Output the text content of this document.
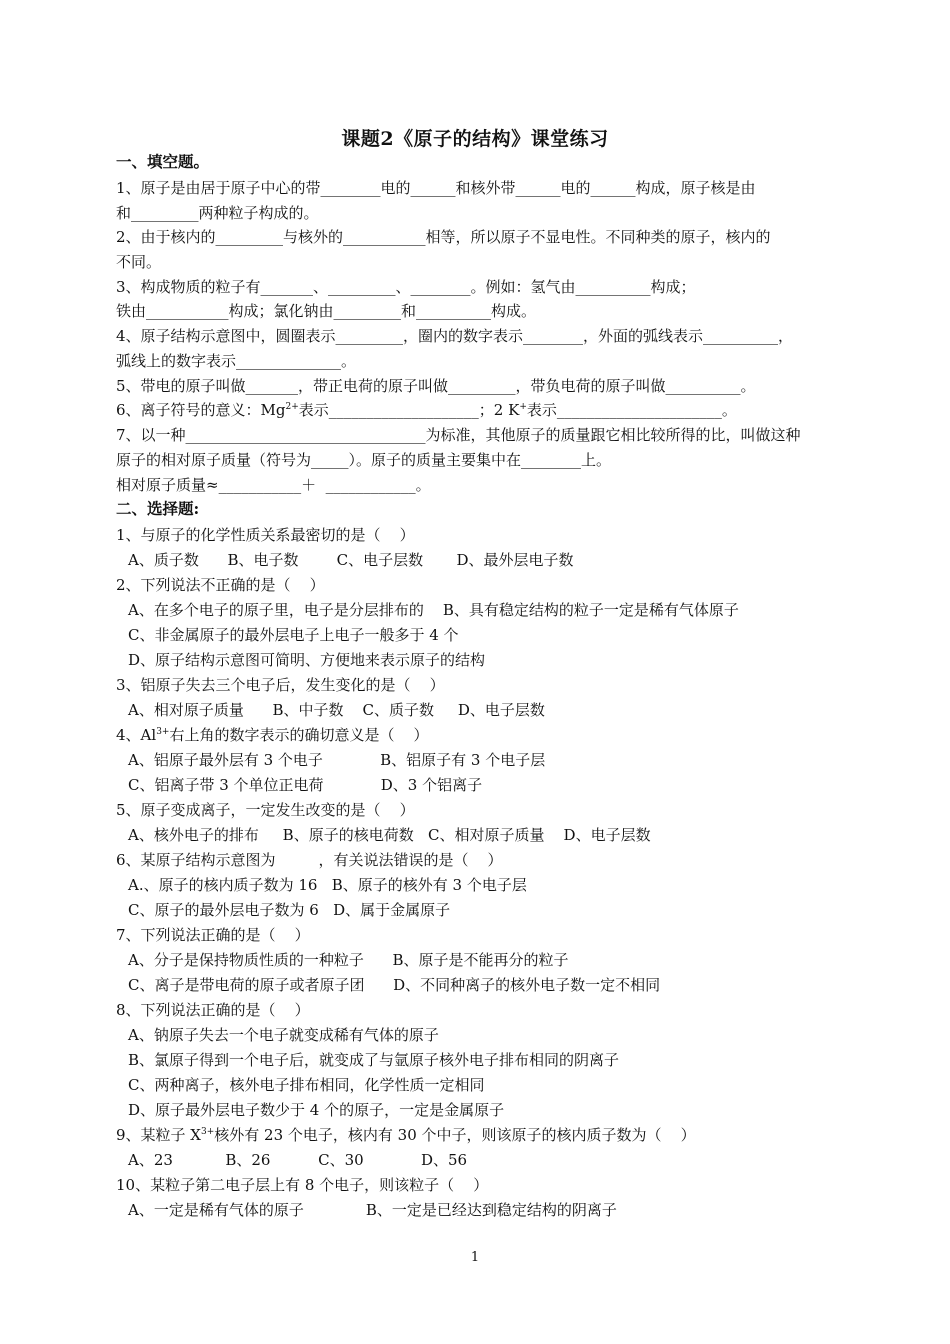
课题2《原子的结构》课堂练习
一、填空题。
1、原子是由居于原子中心的带________电的______和核外带______电的______构成，原子核是由
和_________两种粒子构成的。
2、由于核内的_________与核外的___________相等，所以原子不显电性。不同种类的原子，核内的
不同。
3、构成物质的粒子有_______、_________、________。例如：氢气由__________构成；
铁由___________构成；氯化钠由_________和__________构成。
4、原子结构示意图中，圆圈表示_________，圈内的数字表示________，外面的弧线表示__________，
弧线上的数字表示______________。
5、带电的原子叫做_______，带正电荷的原子叫做_________，带负电荷的原子叫做__________。
6、离子符号的意义：$Mg^{2+}$表示____________________；2 K+表示______________________。
7、以一种________________________________为标准，其他原子的质量跟它相比较所得的比，叫做这种
原子的相对原子质量（符号为_____）。原子的质量主要集中在________上。
相对原子质量≈___________＋  ____________。
二、选择题:
1、与原子的化学性质关系最密切的是（    ）
A、质子数      B、电子数        C、电子层数       D、最外层电子数
2、下列说法不正确的是（    ）
A、在多个电子的原子里，电子是分层排布的    B、具有稳定结构的粒子一定是稀有气体原子
C、非金属原子的最外层电子上电子一般多于 4 个
D、原子结构示意图可简明、方便地来表示原子的结构
3、铝原子失去三个电子后，发生变化的是（    ）
A、相对原子质量      B、中子数    C、质子数     D、电子层数
4、$Al^{3+}$右上角的数字表示的确切意义是（    ）
A、铝原子最外层有 3 个电子            B、铝原子有 3 个电子层
C、铝离子带 3 个单位正电荷            D、3 个铝离子
5、原子变成离子，一定发生改变的是（    ）
A、核外电子的排布     B、原子的核电荷数   C、相对原子质量    D、电子层数
6、某原子结构示意图为         ，有关说法错误的是（    ）
A.、原子的核内质子数为 16   B、原子的核外有 3 个电子层
C、原子的最外层电子数为 6   D、属于金属原子
7、下列说法正确的是（    ）
A、分子是保持物质性质的一种粒子      B、原子是不能再分的粒子
C、离子是带电荷的原子或者原子团      D、不同种离子的核外电子数一定不相同
8、下列说法正确的是（    ）
A、钠原子失去一个电子就变成稀有气体的原子
B、氯原子得到一个电子后，就变成了与氩原子核外电子排布相同的阴离子
C、两种离子，核外电子排布相同，化学性质一定相同
D、原子最外层电子数少于 4 个的原子，一定是金属原子
9、某粒子 $X^{3+}$核外有 23 个电子，核内有 30 个中子，则该原子的核内质子数为（    ）
A、23           B、26          C、30            D、56
10、某粒子第二电子层上有 8 个电子，则该粒子（    ）
A、一定是稀有气体的原子             B、一定是已经达到稳定结构的阴离子
1
